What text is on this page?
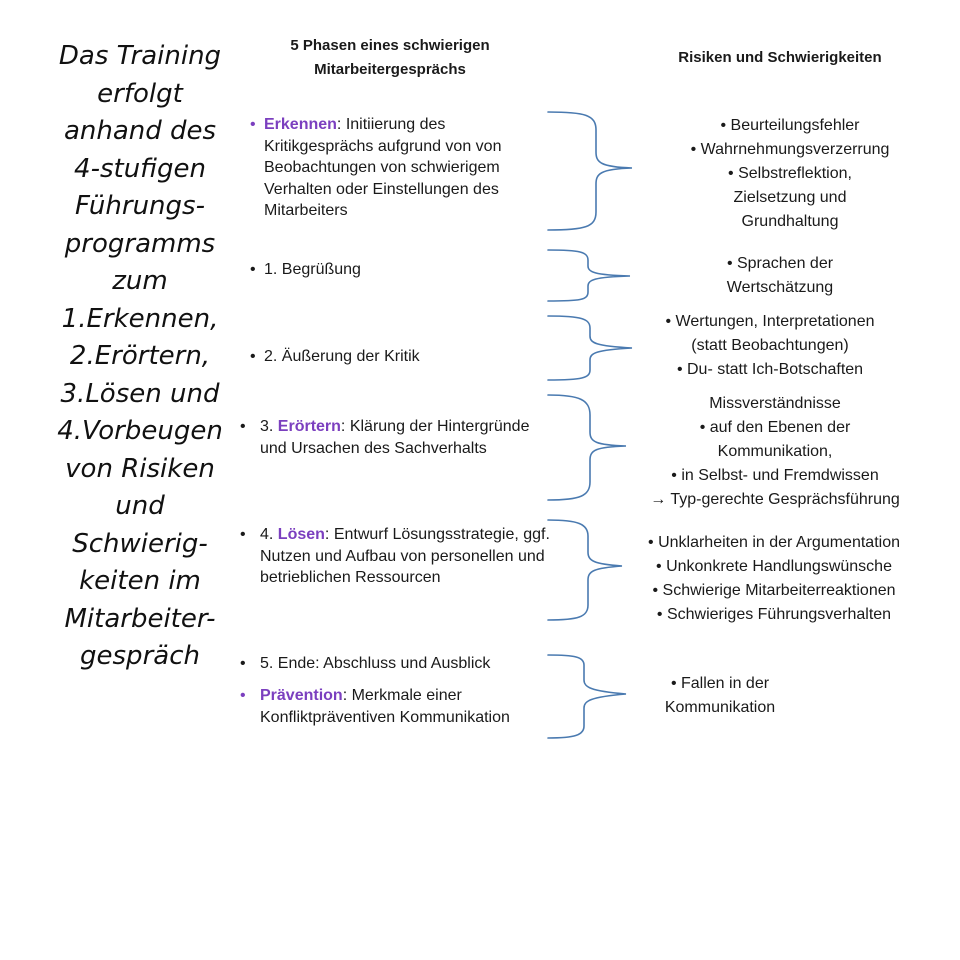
Das Training
erfolgt
anhand des
4-stufigen
Führungs-
programms
zum
1.Erkennen,
2.Erörtern,
3.Lösen und
4.Vorbeugen
von Risiken
und
Schwierig-
keiten im
Mitarbeiter-
gespräch
5 Phasen eines schwierigen
Mitarbeitergesprächs
Risiken und Schwierigkeiten
• Erkennen: Initiierung des Kritikgesprächs aufgrund von von Beobachtungen von schwierigem Verhalten oder Einstellungen des Mitarbeiters
• 1. Begrüßung
• 2. Äußerung der Kritik
• 3. Erörtern: Klärung der Hintergründe und Ursachen des Sachverhalts
• 4. Lösen: Entwurf Lösungsstrategie, ggf. Nutzen und Aufbau von personellen und betrieblichen Ressourcen
• 5. Ende: Abschluss und Ausblick
• Prävention: Merkmale einer Konfliktpräventiven Kommunikation
• Beurteilungsfehler
• Wahrnehmungsverzerrung
• Selbstreflektion,
Zielsetzung und
Grundhaltung
• Sprachen der
Wertschätzung
• Wertungen, Interpretationen
(statt Beobachtungen)
• Du- statt Ich-Botschaften
Missverständnisse
• auf den Ebenen der
Kommunikation,
• in Selbst- und Fremdwissen
→ Typ-gerechte Gesprächsführung
• Unklarheiten in der Argumentation
• Unkonkrete Handlungswünsche
• Schwierige Mitarbeiterreaktionen
• Schwieriges Führungsverhalten
• Fallen in der
Kommunikation
